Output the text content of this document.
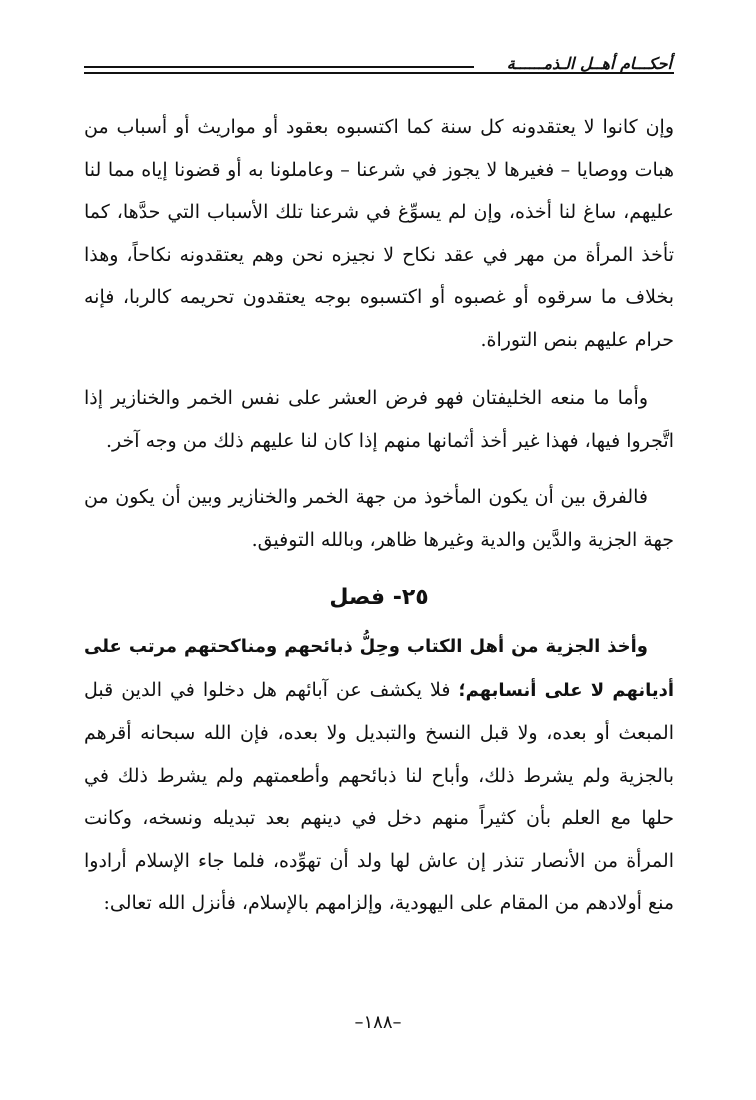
أحكـــام أهــل الـذمــــــة

وإن كانوا لا يعتقدونه كل سنة كما اكتسبوه بعقود أو مواريث أو أسباب من هبات ووصايا – فغيرها لا يجوز في شرعنا – وعاملونا به أو قضونا إياه مما لنا عليهم، ساغ لنا أخذه، وإن لم يسوِّغ في شرعنا تلك الأسباب التي حدَّها، كما تأخذ المرأة من مهر في عقد نكاح لا نجيزه نحن وهم يعتقدونه نكاحاً، وهذا بخلاف ما سرقوه أو غصبوه أو اكتسبوه بوجه يعتقدون تحريمه كالربا، فإنه حرام عليهم بنص التوراة.

وأما ما منعه الخليفتان فهو فرض العشر على نفس الخمر والخنازير إذا اتَّجروا فيها، فهذا غير أخذ أثمانها منهم إذا كان لنا عليهم ذلك من وجه آخر.

فالفرق بين أن يكون المأخوذ من جهة الخمر والخنازير وبين أن يكون من جهة الجزية والدَّين والدية وغيرها ظاهر، وبالله التوفيق.

٢٥- فصل

وأخذ الجزية من أهل الكتاب وحِلُّ ذبائحهم ومناكحتهم مرتب على أديانهم لا على أنسابهم؛ فلا يكشف عن آبائهم هل دخلوا في الدين قبل المبعث أو بعده، ولا قبل النسخ والتبديل ولا بعده، فإن الله سبحانه أقرهم بالجزية ولم يشرط ذلك، وأباح لنا ذبائحهم وأطعمتهم ولم يشرط ذلك في حلها مع العلم بأن كثيراً منهم دخل في دينهم بعد تبديله ونسخه، وكانت المرأة من الأنصار تنذر إن عاش لها ولد أن تهوِّده، فلما جاء الإسلام أرادوا منع أولادهم من المقام على اليهودية، وإلزامهم بالإسلام، فأنزل الله تعالى:

–١٨٨–
